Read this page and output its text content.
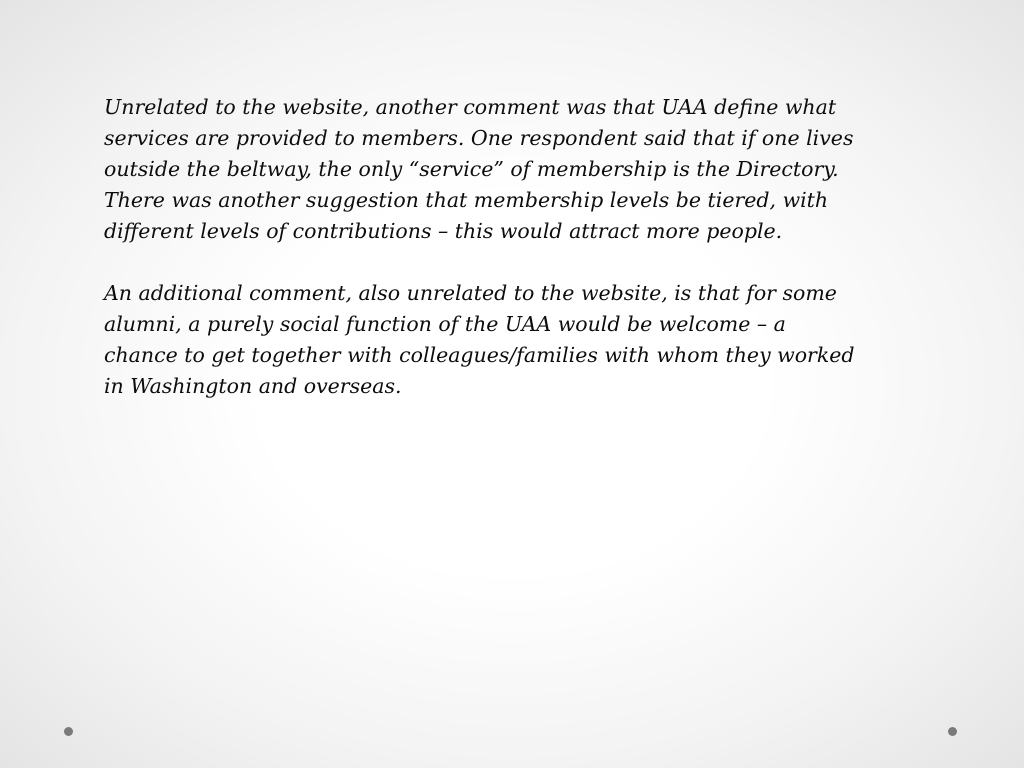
Unrelated to the website, another comment was that UAA define what
services are provided to members. One respondent said that if one lives
outside the beltway, the only “service” of membership is the Directory.
There was another suggestion that membership levels be tiered, with
different levels of contributions – this would attract more people.

An additional comment, also unrelated to the website, is that for some
alumni, a purely social function of the UAA would be welcome – a
chance to get together with colleagues/families with whom they worked
in Washington and overseas.
